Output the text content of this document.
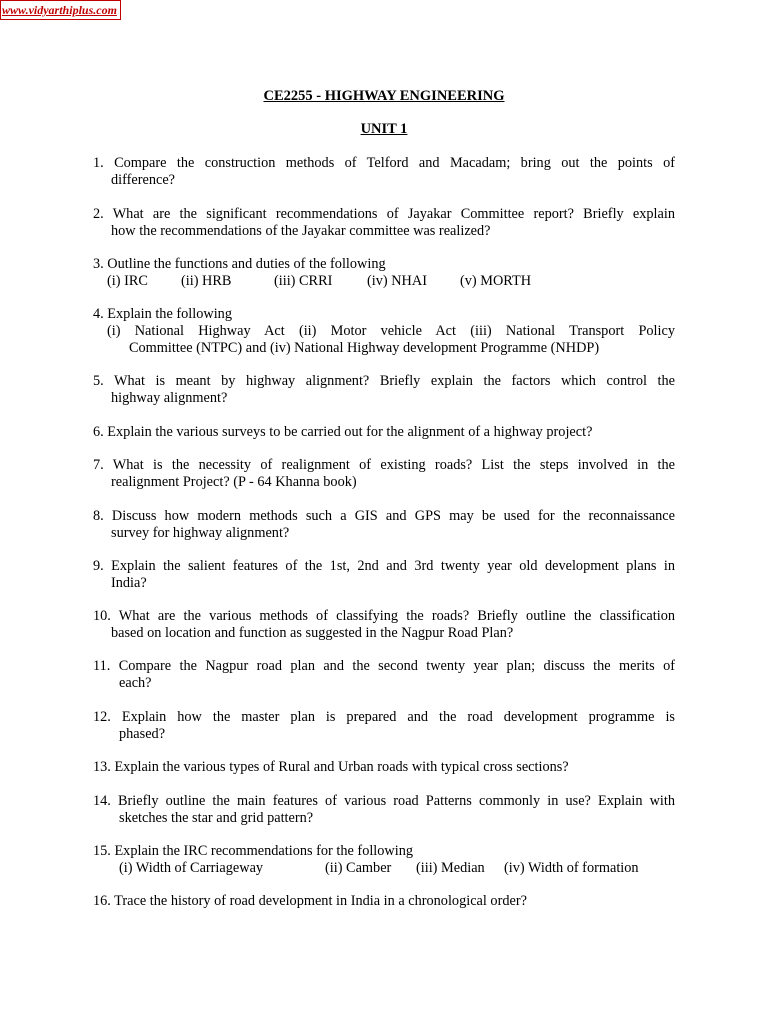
www.vidyarthiplus.com
CE2255 - HIGHWAY ENGINEERING
UNIT 1
1. Compare the construction methods of Telford and Macadam; bring out the points of
difference?
2. What are the significant recommendations of Jayakar Committee report? Briefly explain
how the recommendations of the Jayakar committee was realized?
3. Outline the functions and duties of the following
(i) IRC (ii) HRB	(iii) CRRI (iv) NHAI (v) MORTH
4. Explain the following
(i) National Highway Act (ii) Motor vehicle Act (iii) National Transport Policy
Committee (NTPC) and (iv) National Highway development Programme (NHDP)
5. What is meant by highway alignment? Briefly explain the factors which control the
highway alignment?
6. Explain the various surveys to be carried out for the alignment of a highway project?
7. What is the necessity of realignment of existing roads? List the steps involved in the
realignment Project? (P - 64 Khanna book)
8. Discuss how modern methods such a GIS and GPS may be used for the reconnaissance
survey for highway alignment?
9. Explain the salient features of the 1st, 2nd and 3rd twenty year old development plans in
India?
10. What are the various methods of classifying the roads? Briefly outline the classification
based on location and function as suggested in the Nagpur Road Plan?
11. Compare the Nagpur road plan and the second twenty year plan; discuss the merits of
each?
12. Explain how the master plan is prepared and the road development programme is
phased?
13. Explain the various types of Rural and Urban roads with typical cross sections?
14. Briefly outline the main features of various road Patterns commonly in use? Explain with
sketches the star and grid pattern?
15. Explain the IRC recommendations for the following
(i) Width of Carriageway	(ii) Camber (iii) Median (iv) Width of formation
16. Trace the history of road development in India in a chronological order?
